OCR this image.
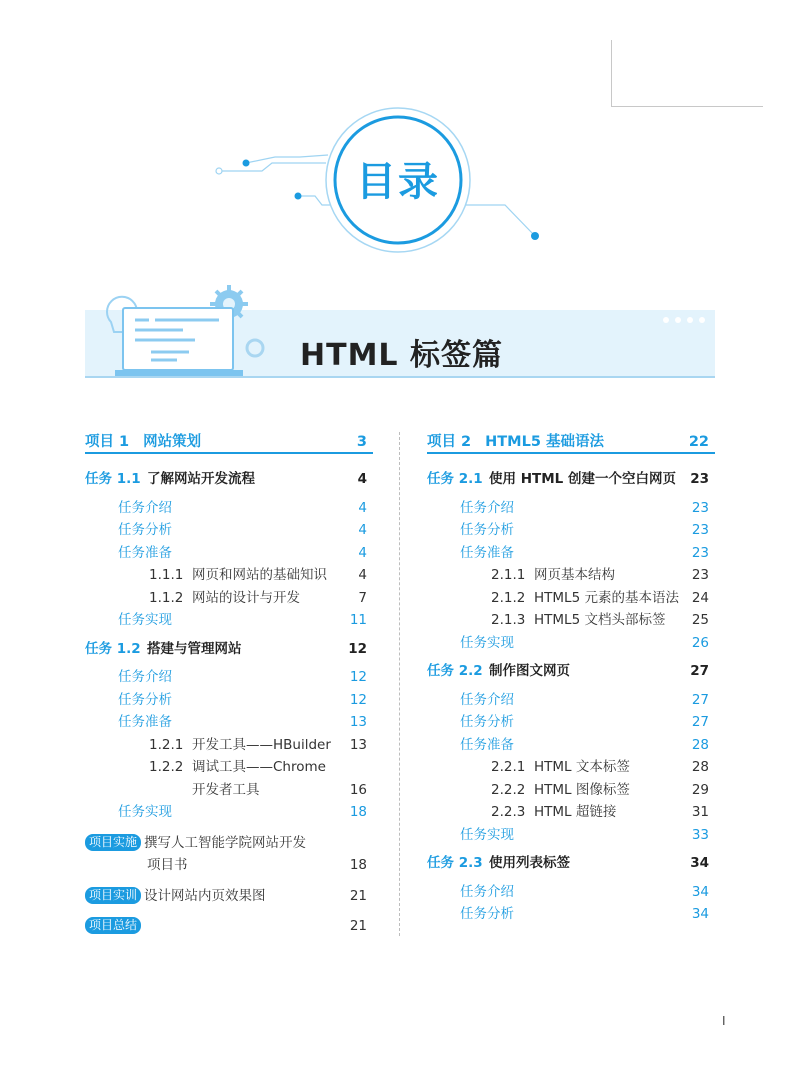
目录
HTML 标签篇
项目 1 网站策划	3
任务 1.1 了解网站开发流程	4
任务介绍	4
任务分析	4
任务准备	4
1.1.1 网页和网站的基础知识 4
1.1.2 网站的设计与开发	7
任务实现	11
任务 1.2 搭建与管理网站	12
任务介绍	12
任务分析	12
任务准备	13
1.2.1 开发工具——HBuilder 13
1.2.2 调试工具——Chrome
开发者工具	16
任务实现	18
项目实施 撰写人工智能学院网站开发
项目书	18
项目实训 设计网站内页效果图	21
项目总结	21
项目 2 HTML5 基础语法	22
任务 2.1 使用 HTML 创建一个空白网页 23
任务介绍	23
任务分析	23
任务准备	23
2.1.1 网页基本结构	23
2.1.2 HTML5 元素的基本语法 24
2.1.3 HTML5 文档头部标签 25
任务实现	26
任务 2.2 制作图文网页	27
任务介绍	27
任务分析	27
任务准备	28
2.2.1 HTML 文本标签	28
2.2.2 HTML 图像标签	29
2.2.3 HTML 超链接	31
任务实现	33
任务 2.3 使用列表标签	34
任务介绍	34
任务分析	34
I
